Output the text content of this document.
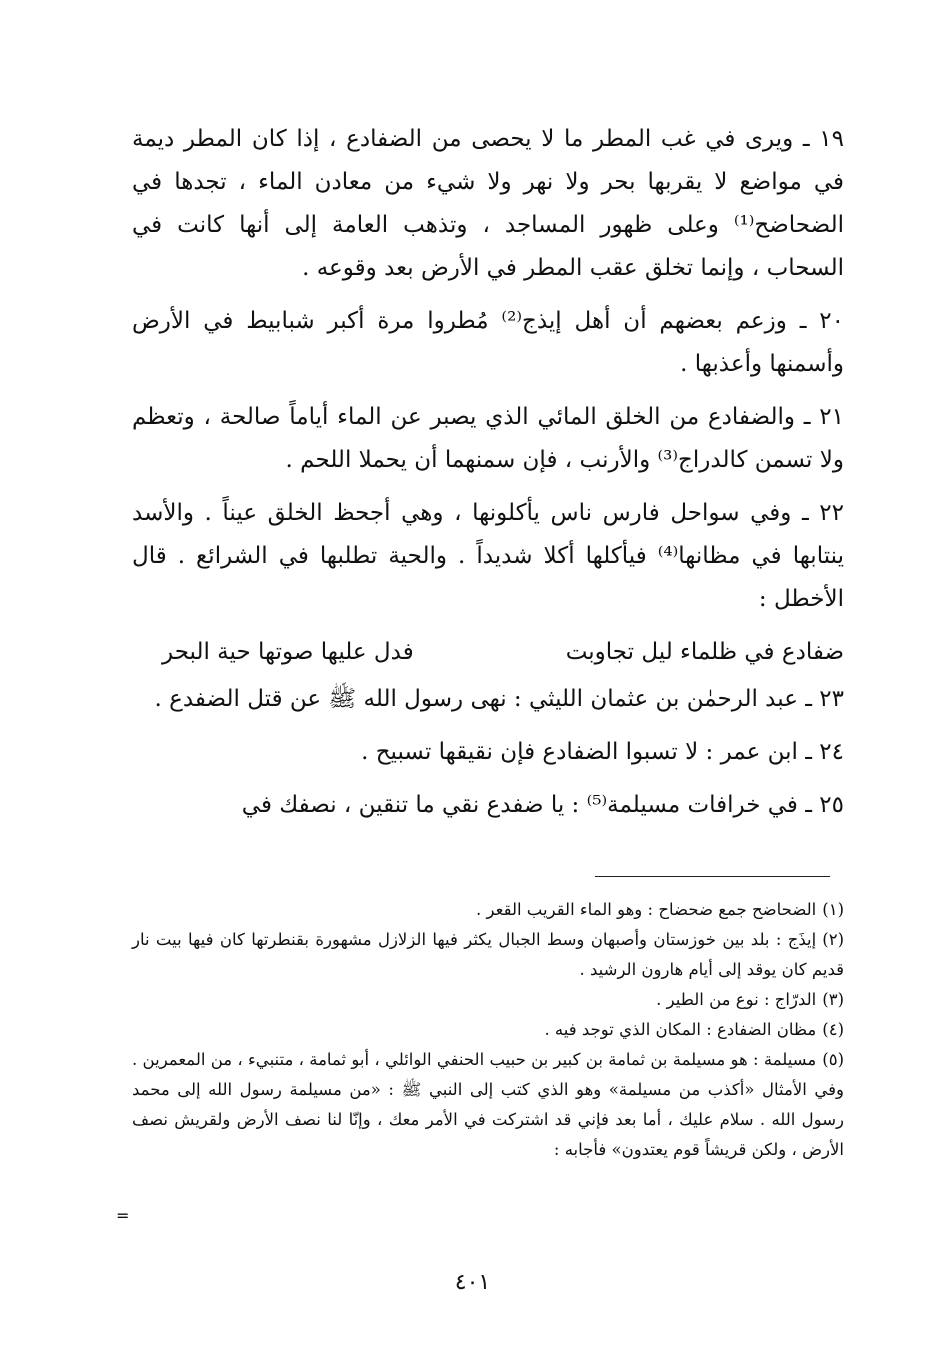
١٩ ـ ويرى في غب المطر ما لا يحصى من الضفادع ، إذا كان المطر ديمة في مواضع لا يقربها بحر ولا نهر ولا شيء من معادن الماء ، تجدها في الضحاضح⁽¹⁾ وعلى ظهور المساجد ، وتذهب العامة إلى أنها كانت في السحاب ، وإنما تخلق عقب المطر في الأرض بعد وقوعه .

٢٠ ـ وزعم بعضهم أن أهل إيذج⁽²⁾ مُطروا مرة أكبر شبابيط في الأرض وأسمنها وأعذبها .

٢١ ـ والضفادع من الخلق المائي الذي يصبر عن الماء أياماً صالحة ، وتعظم ولا تسمن كالدراج⁽³⁾ والأرنب ، فإن سمنهما أن يحملا اللحم .

٢٢ ـ وفي سواحل فارس ناس يأكلونها ، وهي أجحظ الخلق عيناً . والأسد ينتابها في مظانها⁽⁴⁾ فيأكلها أكلا شديداً . والحية تطلبها في الشرائع . قال الأخطل :

ضفادع في ظلماء ليل تجاوبت
فدل عليها صوتها حية البحر

٢٣ ـ عبد الرحمٰن بن عثمان الليثي : نهى رسول الله ﷺ عن قتل الضفدع .

٢٤ ـ ابن عمر : لا تسبوا الضفادع فإن نقيقها تسبيح .

٢٥ ـ في خرافات مسيلمة⁽⁵⁾ : يا ضفدع نقي ما تنقين ، نصفك في

(١)الضحاضح جمع ضحضاح : وهو الماء القريب القعر .

(٢)إيذَج : بلد بين خوزستان وأصبهان وسط الجبال يكثر فيها الزلازل مشهورة بقنطرتها كان فيها بيت نار قديم كان يوقد إلى أيام هارون الرشيد .

(٣)الدرّاج : نوع من الطير .

(٤)مظان الضفادع : المكان الذي توجد فيه .

(٥)مسيلمة : هو مسيلمة بن ثمامة بن كبير بن حبيب الحنفي الوائلي ، أبو ثمامة ، متنبيء ، من المعمرين . وفي الأمثال «أكذب من مسيلمة» وهو الذي كتب إلى النبي ﷺ : «من مسيلمة رسول الله إلى محمد رسول الله . سلام عليك ، أما بعد فإني قد اشتركت في الأمر معك ، وإنّا لنا نصف الأرض ولقريش نصف الأرض ، ولكن قريشاً قوم يعتدون» فأجابه :

=
٤٠١
